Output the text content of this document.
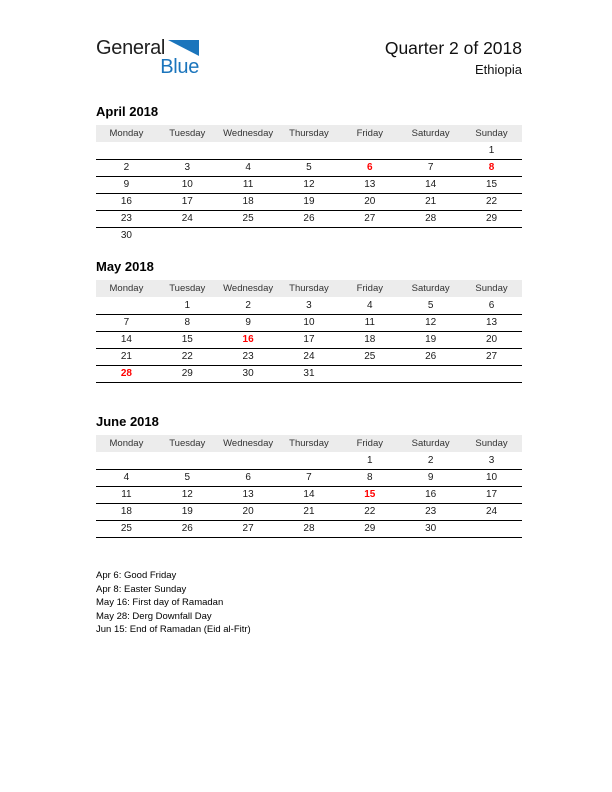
General
Blue
Quarter 2 of 2018
Ethiopia
April 2018
Monday	Tuesday	Wednesday	Thursday	Friday	Saturday	Sunday
						1
2	3	4	5	6	7	8
9	10	11	12	13	14	15
16	17	18	19	20	21	22
23	24	25	26	27	28	29
30						
May 2018
Monday	Tuesday	Wednesday	Thursday	Friday	Saturday	Sunday
	1	2	3	4	5	6
7	8	9	10	11	12	13
14	15	16	17	18	19	20
21	22	23	24	25	26	27
28	29	30	31			

June 2018
Monday	Tuesday	Wednesday	Thursday	Friday	Saturday	Sunday
				1	2	3
4	5	6	7	8	9	10
11	12	13	14	15	16	17
18	19	20	21	22	23	24
25	26	27	28	29	30	

Apr 6: Good Friday
Apr 8: Easter Sunday
May 16: First day of Ramadan
May 28: Derg Downfall Day
Jun 15: End of Ramadan (Eid al-Fitr)
